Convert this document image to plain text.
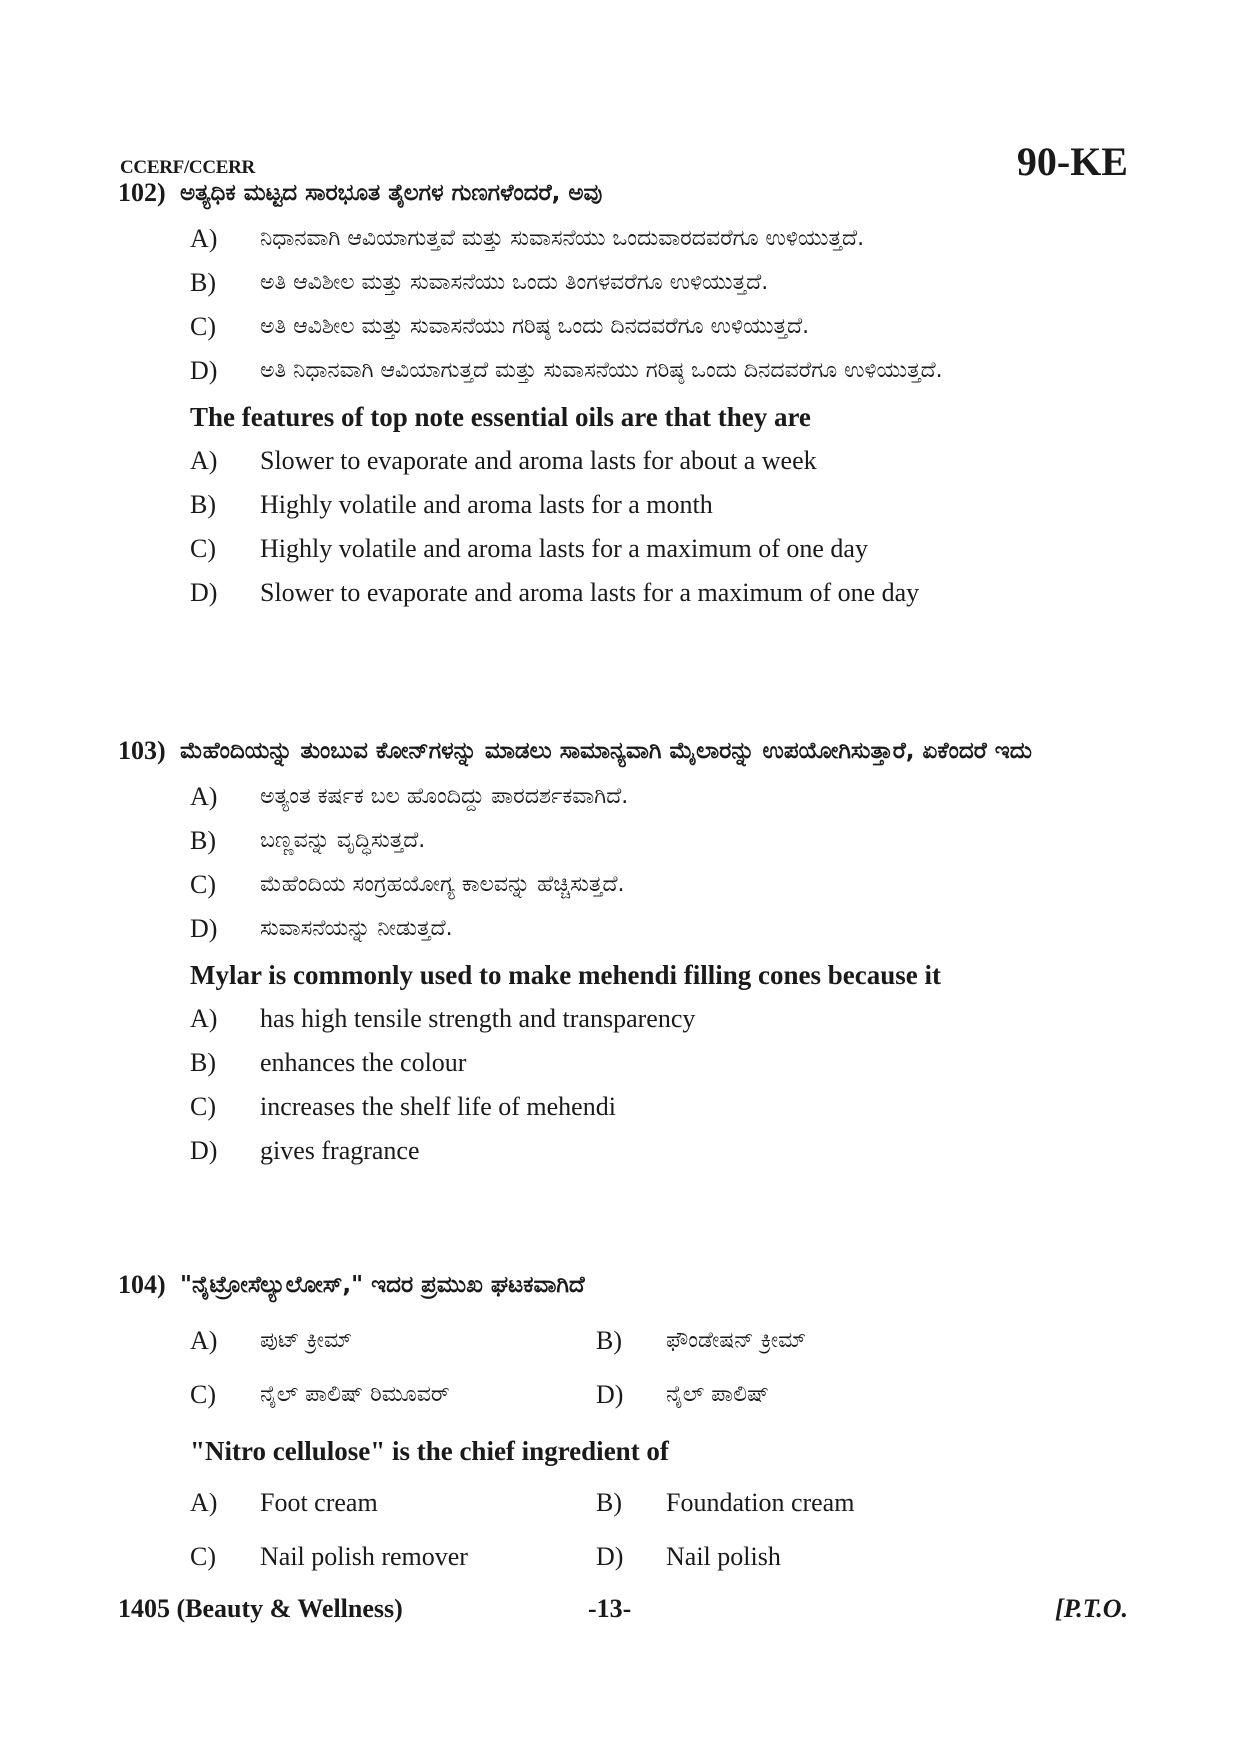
CCERF/CCERR	90-KE
102) ಅತ್ಯಧಿಕ ಮಟ್ಟದ ಸಾರಭೂತ ತೈಲಗಳ ಗುಣಗಳೆಂದರೆ, ಅವು
A) ನಿಧಾನವಾಗಿ ಆವಿಯಾಗುತ್ತವೆ ಮತ್ತು ಸುವಾಸನೆಯು ಒಂದುವಾರದವರೆಗೂ ಉಳಿಯುತ್ತದೆ.
B) ಅತಿ ಆವಿಶೀಲ ಮತ್ತು ಸುವಾಸನೆಯು ಒಂದು ತಿಂಗಳವರೆಗೂ ಉಳಿಯುತ್ತದೆ.
C) ಅತಿ ಆವಿಶೀಲ ಮತ್ತು ಸುವಾಸನೆಯು ಗರಿಷ್ಠ ಒಂದು ದಿನದವರೆಗೂ ಉಳಿಯುತ್ತದೆ.
D) ಅತಿ ನಿಧಾನವಾಗಿ ಆವಿಯಾಗುತ್ತದೆ ಮತ್ತು ಸುವಾಸನೆಯು ಗರಿಷ್ಠ ಒಂದು ದಿನದವರೆಗೂ ಉಳಿಯುತ್ತದೆ.
The features of top note essential oils are that they are
A) Slower to evaporate and aroma lasts for about a week
B) Highly volatile and aroma lasts for a month
C) Highly volatile and aroma lasts for a maximum of one day
D) Slower to evaporate and aroma lasts for a maximum of one day
103) ಮೆಹೆಂದಿಯನ್ನು ತುಂಬುವ ಕೋನ್‌ಗಳನ್ನು ಮಾಡಲು ಸಾಮಾನ್ಯವಾಗಿ ಮೈಲಾರನ್ನು ಉಪಯೋಗಿಸುತ್ತಾರೆ, ಏಕೆಂದರೆ ಇದು
A) ಅತ್ಯಂತ ಕರ್ಷಕ ಬಲ ಹೊಂದಿದ್ದು ಪಾರದರ್ಶಕವಾಗಿದೆ.
B) ಬಣ್ಣವನ್ನು ವೃದ್ಧಿಸುತ್ತದೆ.
C) ಮೆಹೆಂದಿಯ ಸಂಗ್ರಹಯೋಗ್ಯ ಕಾಲವನ್ನು ಹೆಚ್ಚಿಸುತ್ತದೆ.
D) ಸುವಾಸನೆಯನ್ನು ನೀಡುತ್ತದೆ.
Mylar is commonly used to make mehendi filling cones because it
A) has high tensile strength and transparency
B) enhances the colour
C) increases the shelf life of mehendi
D) gives fragrance
104) "ನೈಟ್ರೋಸೆಲ್ಯುಲೋಸ್," ಇದರ ಪ್ರಮುಖ ಘಟಕವಾಗಿದೆ
A) ಪುಟ್ ಕ್ರೀಮ್	B) ಫೌಂಡೇಷನ್ ಕ್ರೀಮ್
C) ನೈಲ್ ಪಾಲಿಷ್ ರಿಮೂವರ್	D) ನೈಲ್ ಪಾಲಿಷ್
"Nitro cellulose" is the chief ingredient of
A) Foot cream	B) Foundation cream
C) Nail polish remover	D) Nail polish
1405 (Beauty & Wellness)	-13-	[P.T.O.
